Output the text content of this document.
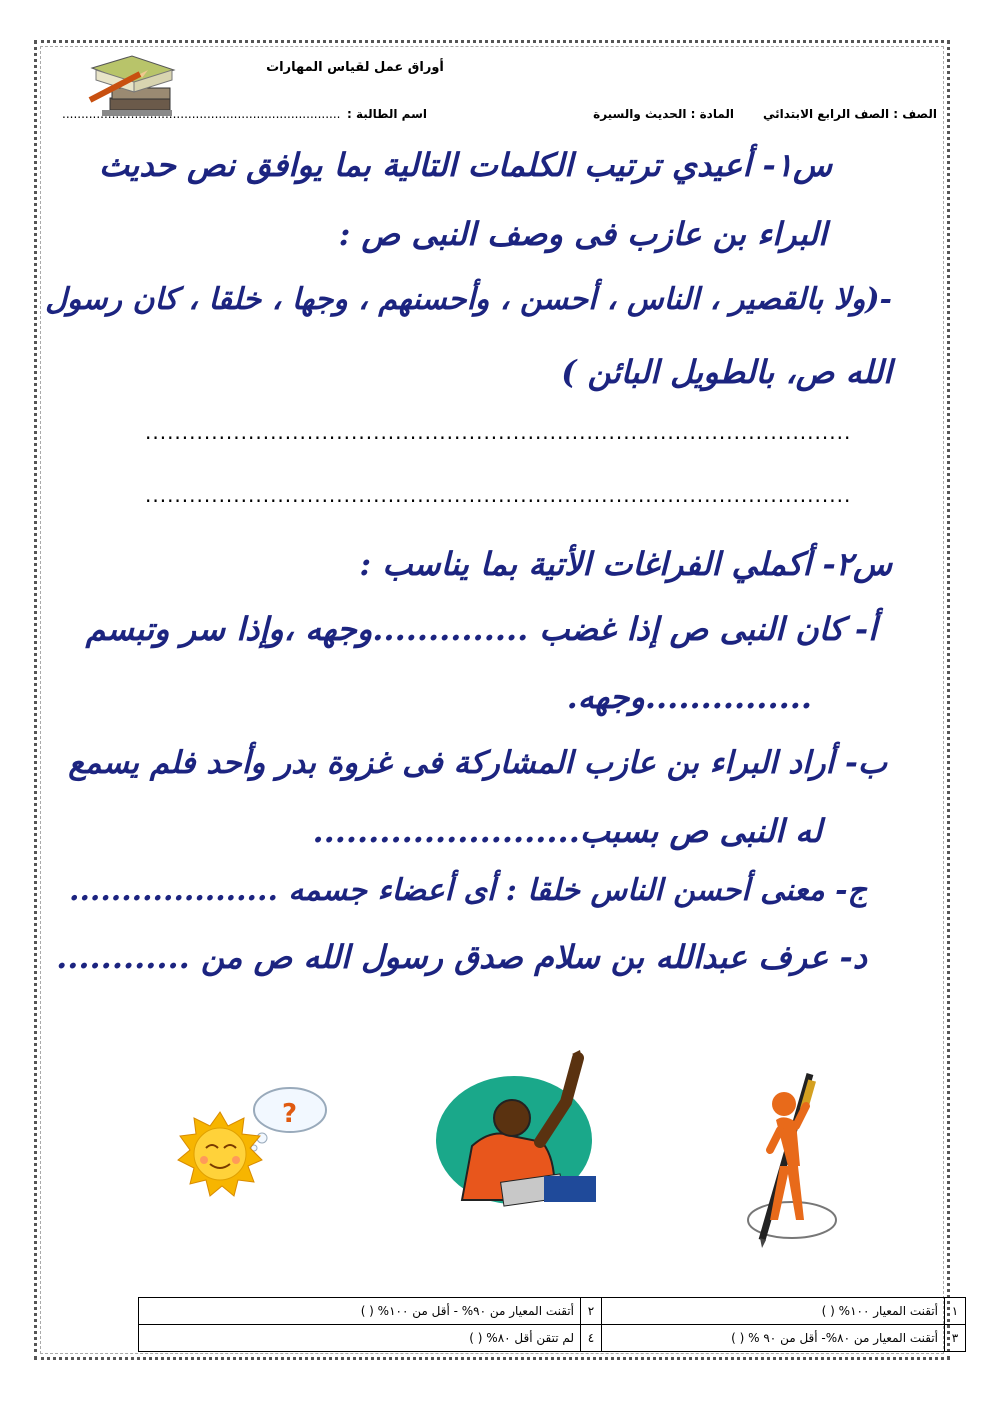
أوراق عمل لقياس المهارات
الصف : الصف الرابع الابتدائي
المادة : الحديث والسيرة
اسم الطالبة :
.........................................................................
س١- أعيدي ترتيب الكلمات التالية بما يوافق نص حديث
البراء بن عازب فى وصف النبى ص :
-(ولا بالقصير ، الناس ، أحسن ، وأحسنهم ، وجها ، خلقا ، كان رسول
الله ص، بالطويل البائن )
................................................................................................
................................................................................................
س٢- أكملي الفراغات الأتية بما يناسب :
أ- كان النبى ص إذا غضب ..............وجهه ،وإذا سر وتبسم
...............وجهه.
ب- أراد البراء بن عازب المشاركة فى غزوة بدر وأحد فلم يسمع
له النبى ص بسبب........................
ج- معنى أحسن الناس خلقا : أى أعضاء جسمه ....................
د- عرف عبدالله بن سلام صدق رسول الله ص من ............
?
١	أتقنت المعيار ١٠٠% ( )	٢	أتقنت المعيار من ٩٠% - أقل من ١٠٠% ( )
٣	أتقنت المعيار من ٨٠%- أقل من ٩٠ % ( )	٤	لم تتقن أقل ٨٠% ( )
